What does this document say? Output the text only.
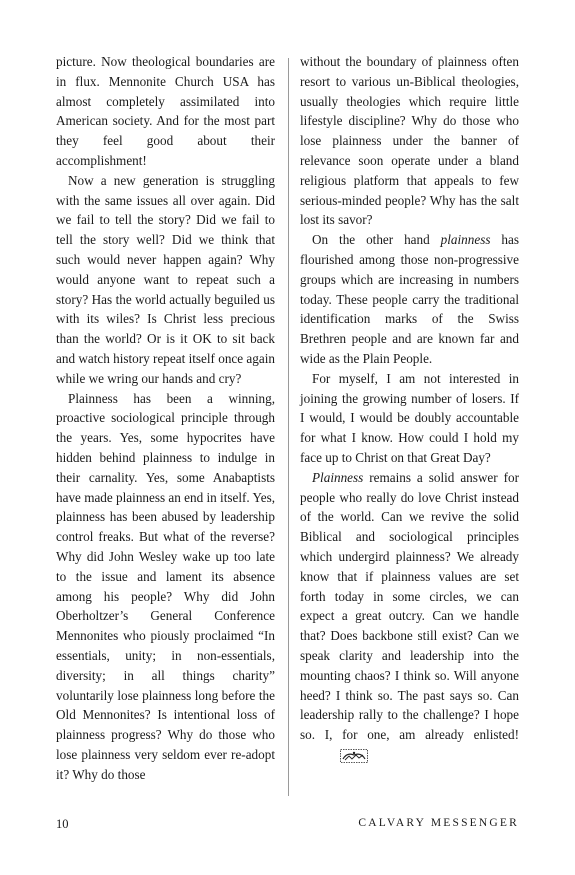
picture. Now theological boundaries are in flux. Mennonite Church USA has almost completely assimilated into American society. And for the most part they feel good about their accomplishment!

Now a new generation is struggling with the same issues all over again. Did we fail to tell the story? Did we fail to tell the story well? Did we think that such would never happen again? Why would anyone want to repeat such a story? Has the world actually beguiled us with its wiles? Is Christ less precious than the world? Or is it OK to sit back and watch history repeat itself once again while we wring our hands and cry?

Plainness has been a winning, proactive sociological principle through the years. Yes, some hypocrites have hidden behind plainness to indulge in their carnality. Yes, some Anabaptists have made plainness an end in itself. Yes, plainness has been abused by leadership control freaks. But what of the reverse? Why did John Wesley wake up too late to the issue and lament its absence among his people? Why did John Oberholtzer’s General Conference Mennonites who piously proclaimed “In essentials, unity; in non-essentials, diversity; in all things charity” voluntarily lose plainness long before the Old Mennonites? Is intentional loss of plainness progress? Why do those who lose plainness very seldom ever re-adopt it? Why do those

without the boundary of plainness often resort to various un-Biblical theologies, usually theologies which require little lifestyle discipline? Why do those who lose plainness under the banner of relevance soon operate under a bland religious platform that appeals to few serious-minded people? Why has the salt lost its savor?

On the other hand plainness has flourished among those non-progressive groups which are increasing in numbers today. These people carry the traditional identification marks of the Swiss Brethren people and are known far and wide as the Plain People.

For myself, I am not interested in joining the growing number of losers. If I would, I would be doubly accountable for what I know. How could I hold my face up to Christ on that Great Day?

Plainness remains a solid answer for people who really do love Christ instead of the world. Can we revive the solid Biblical and sociological principles which undergird plainness? We already know that if plainness values are set forth today in some circles, we can expect a great outcry. Can we handle that? Does backbone still exist? Can we speak clarity and leadership into the mounting chaos? I think so. Will anyone heed? I think so. The past says so. Can leadership rally to the challenge? I hope so. I, for one, am already enlisted!

10	CALVARY MESSENGER
